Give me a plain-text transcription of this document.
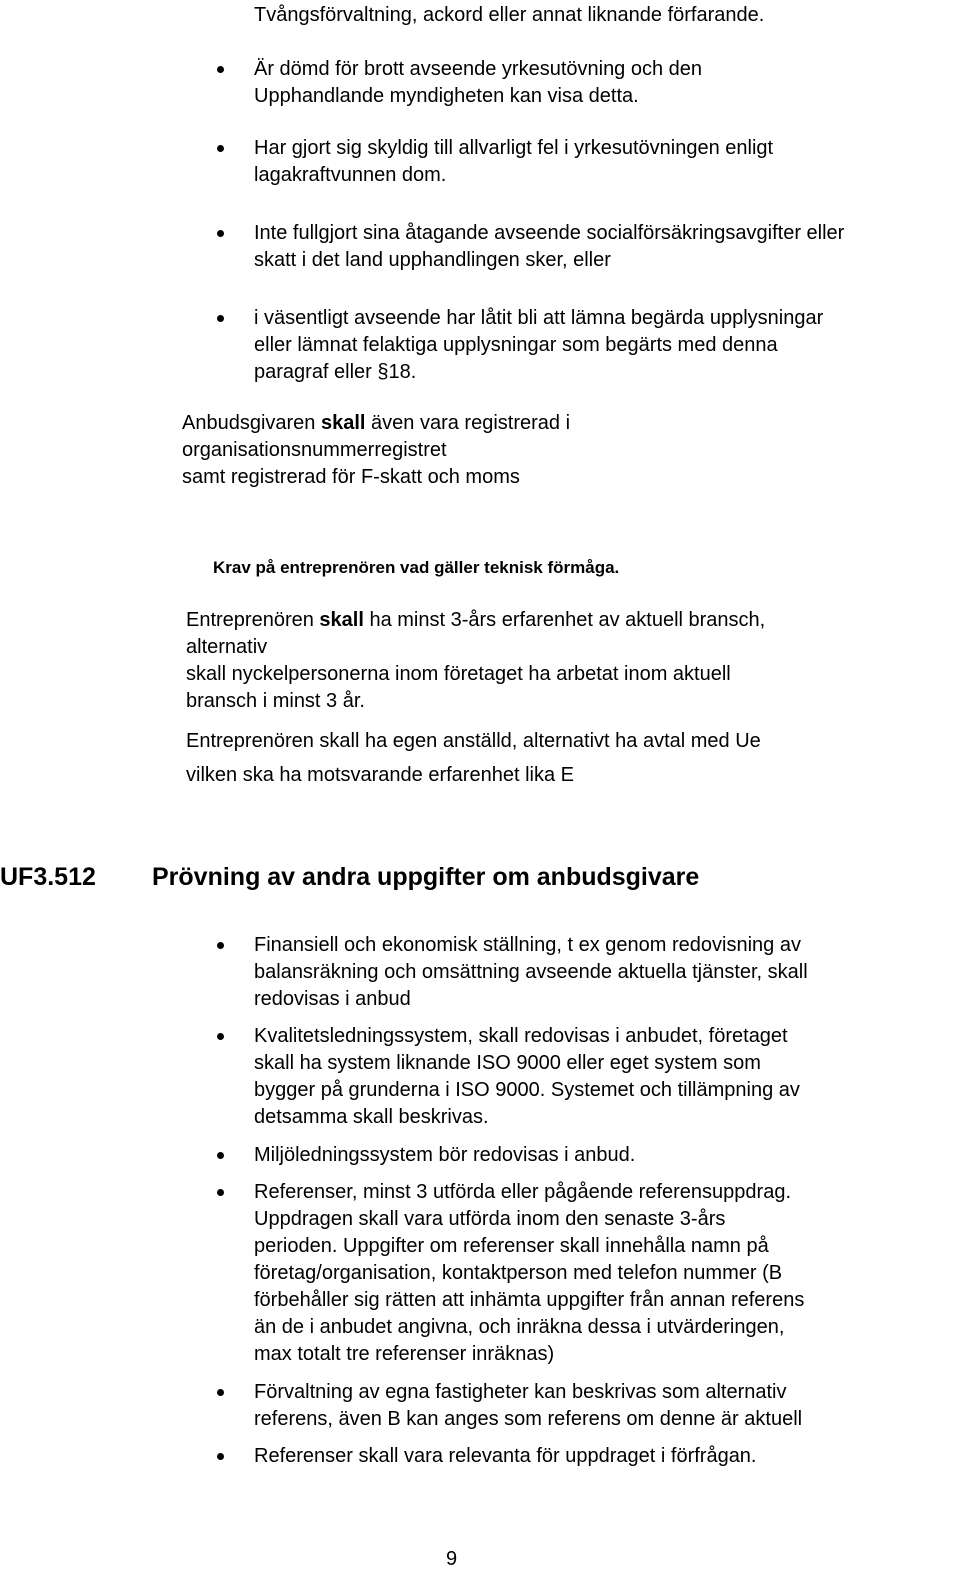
Tvångsförvaltning, ackord eller annat liknande förfarande.
Är dömd för brott avseende yrkesutövning och den
Upphandlande myndigheten kan visa detta.
Har gjort sig skyldig till allvarligt fel i yrkesutövningen enligt
lagakraftvunnen dom.
Inte fullgjort sina åtagande avseende socialförsäkringsavgifter eller
skatt i det land upphandlingen sker, eller
i väsentligt avseende har låtit bli att lämna begärda upplysningar
eller lämnat felaktiga upplysningar som begärts med denna
paragraf eller §18.
Anbudsgivaren skall även vara registrerad i
organisationsnummerregistret
samt registrerad för F-skatt och moms
Krav på entreprenören vad gäller teknisk förmåga.
Entreprenören skall ha minst 3-års erfarenhet av aktuell bransch,
alternativ
skall nyckelpersonerna inom företaget ha arbetat inom aktuell
bransch i minst 3 år.
Entreprenören skall ha egen anställd, alternativt ha avtal med Ue
vilken ska ha motsvarande erfarenhet lika E
UF3.512 Prövning av andra uppgifter om anbudsgivare
Finansiell och ekonomisk ställning, t ex genom redovisning av
balansräkning och omsättning avseende aktuella tjänster, skall
redovisas i anbud
Kvalitetsledningssystem, skall redovisas i anbudet, företaget
skall ha system liknande ISO 9000 eller eget system som
bygger på grunderna i ISO 9000. Systemet och tillämpning av
detsamma skall beskrivas.
Miljöledningssystem bör redovisas i anbud.
Referenser, minst 3 utförda eller pågående referensuppdrag.
Uppdragen skall vara utförda inom den senaste 3-års
perioden. Uppgifter om referenser skall innehålla namn på
företag/organisation, kontaktperson med telefon nummer (B
förbehåller sig rätten att inhämta uppgifter från annan referens
än de i anbudet angivna, och inräkna dessa i utvärderingen,
max totalt tre referenser inräknas)
Förvaltning av egna fastigheter kan beskrivas som alternativ
referens, även B kan anges som referens om denne är aktuell
Referenser skall vara relevanta för uppdraget i förfrågan.
9
